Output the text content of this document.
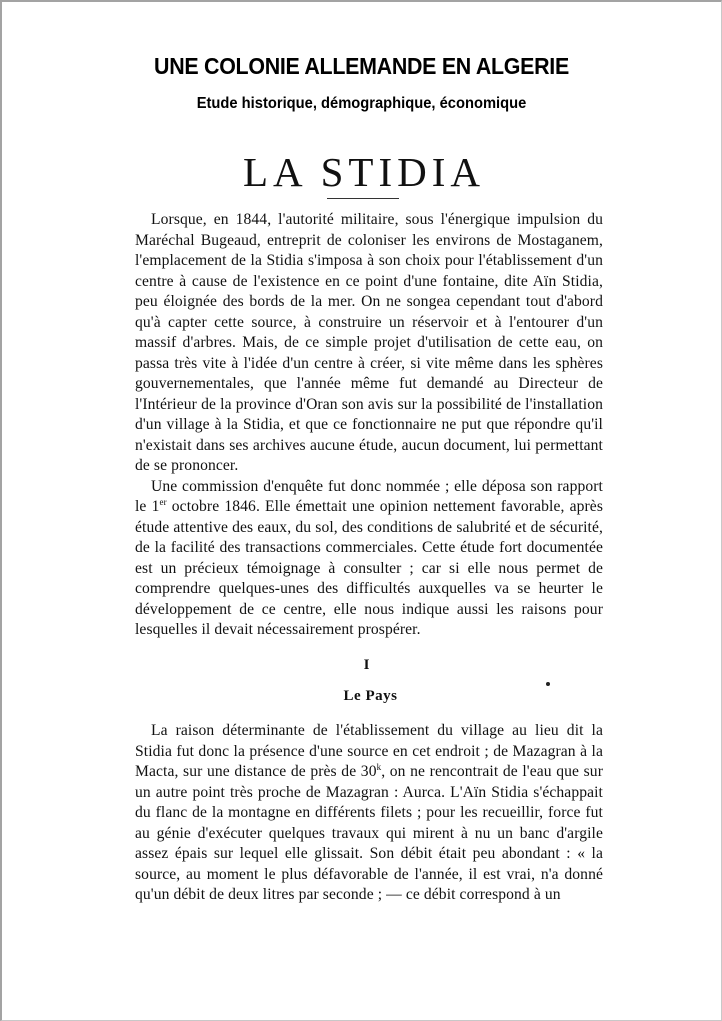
UNE COLONIE ALLEMANDE EN ALGERIE
Etude historique, démographique, économique
LA STIDIA

Lorsque, en 1844, l'autorité militaire, sous l'énergique impulsion du Maréchal Bugeaud, entreprit de coloniser les environs de Mostaganem, l'emplacement de la Stidia s'imposa à son choix pour l'établissement d'un centre à cause de l'existence en ce point d'une fontaine, dite Aïn Stidia, peu éloignée des bords de la mer. On ne songea cependant tout d'abord qu'à capter cette source, à construire un réservoir et à l'entourer d'un massif d'arbres. Mais, de ce simple projet d'utilisation de cette eau, on passa très vite à l'idée d'un centre à créer, si vite même dans les sphères gouvernementales, que l'année même fut demandé au Directeur de l'Intérieur de la province d'Oran son avis sur la possibilité de l'installation d'un village à la Stidia, et que ce fonctionnaire ne put que répondre qu'il n'existait dans ses archives aucune étude, aucun document, lui permettant de se prononcer.

Une commission d'enquête fut donc nommée ; elle déposa son rapport le 1er octobre 1846. Elle émettait une opinion nettement favorable, après étude attentive des eaux, du sol, des conditions de salubrité et de sécurité, de la facilité des transactions commerciales. Cette étude fort documentée est un précieux témoignage à consulter ; car si elle nous permet de comprendre quelques-unes des difficultés auxquelles va se heurter le développement de ce centre, elle nous indique aussi les raisons pour lesquelles il devait nécessairement prospérer.

I
Le Pays

La raison déterminante de l'établissement du village au lieu dit la Stidia fut donc la présence d'une source en cet endroit ; de Mazagran à la Macta, sur une distance de près de 30$^k$, on ne rencontrait de l'eau que sur un autre point très proche de Mazagran : Aurca. L'Aïn Stidia s'échappait du flanc de la montagne en différents filets ; pour les recueillir, force fut au génie d'exécuter quelques travaux qui mirent à nu un banc d'argile assez épais sur lequel elle glissait. Son débit était peu abondant : « la source, au moment le plus défavorable de l'année, il est vrai, n'a donné qu'un débit de deux litres par seconde ; — ce débit correspond à un
